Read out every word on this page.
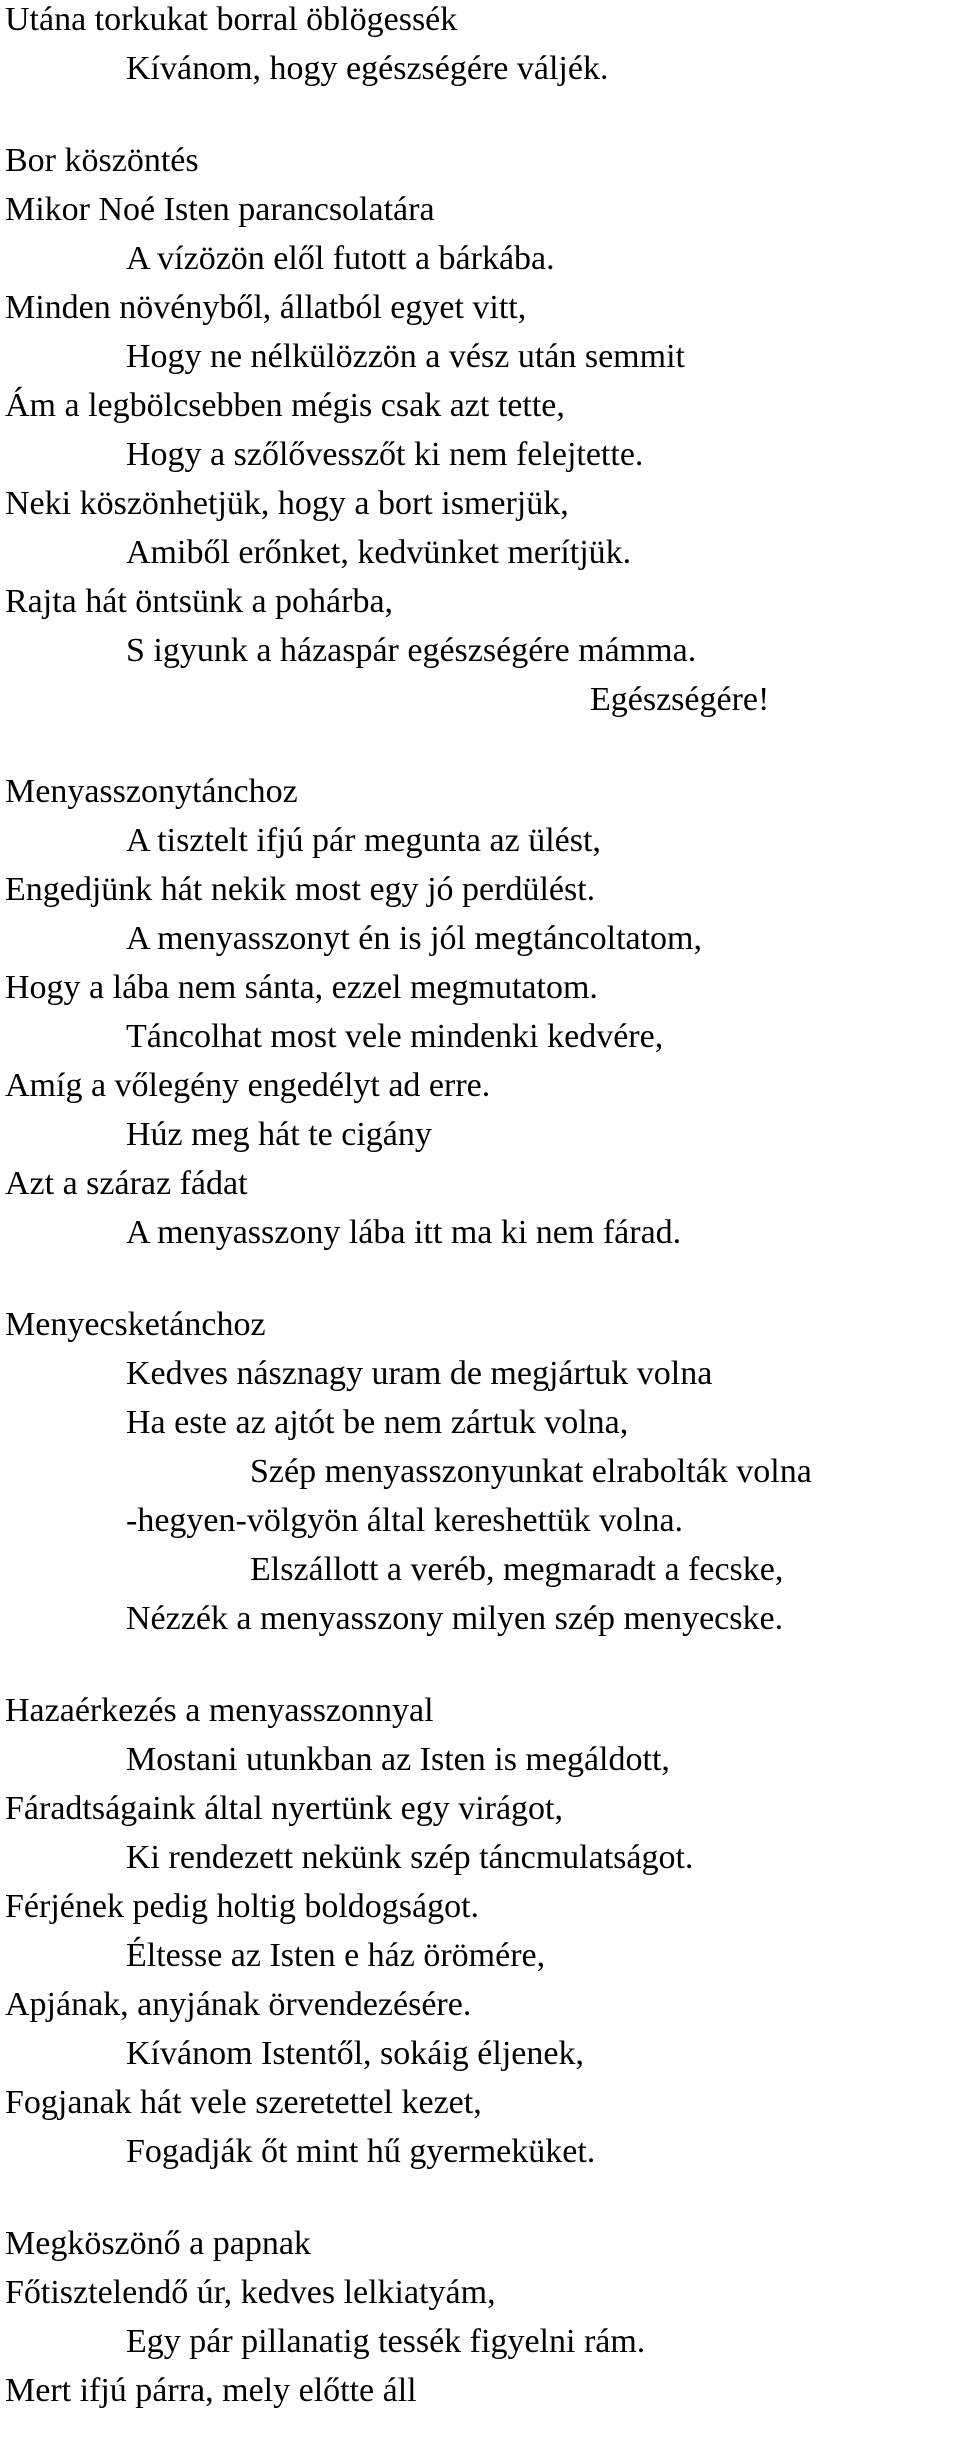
Utána torkukat borral öblögessék

Kívánom, hogy egészségére váljék.

Bor köszöntés

Mikor Noé Isten parancsolatára

A vízözön elől futott a bárkába.

Minden növényből, állatból egyet vitt,

Hogy ne nélkülözzön a vész után semmit

Ám a legbölcsebben mégis csak azt tette,

Hogy a szőlővesszőt ki nem felejtette.

Neki köszönhetjük, hogy a bort ismerjük,

Amiből erőnket, kedvünket merítjük.

Rajta hát öntsünk a pohárba,

S igyunk a házaspár egészségére mámma.

Egészségére!

Menyasszonytánchoz

A tisztelt ifjú pár megunta az ülést,

Engedjünk hát nekik most egy jó perdülést.

A menyasszonyt én is jól megtáncoltatom,

Hogy a lába nem sánta, ezzel megmutatom.

Táncolhat most vele mindenki kedvére,

Amíg a vőlegény engedélyt ad erre.

Húz meg hát te cigány

Azt a száraz fádat

A menyasszony lába itt ma ki nem fárad.

Menyecsketánchoz

Kedves násznagy uram de megjártuk volna

Ha este az ajtót be nem zártuk volna,

Szép menyasszonyunkat elrabolták volna

-hegyen-völgyön által kereshettük volna.

Elszállott a veréb, megmaradt a fecske,

Nézzék a menyasszony milyen szép menyecske.

Hazaérkezés a menyasszonnyal

Mostani utunkban az Isten is megáldott,

Fáradtságaink által nyertünk egy virágot,

Ki rendezett nekünk szép táncmulatságot.

Férjének pedig holtig boldogságot.

Éltesse az Isten e ház örömére,

Apjának, anyjának örvendezésére.

Kívánom Istentől, sokáig éljenek,

Fogjanak hát vele szeretettel kezet,

Fogadják őt mint hű gyermeküket.

Megköszönő a papnak

Főtisztelendő úr, kedves lelkiatyám,

Egy pár pillanatig tessék figyelni rám.

Mert ifjú párra, mely előtte áll
